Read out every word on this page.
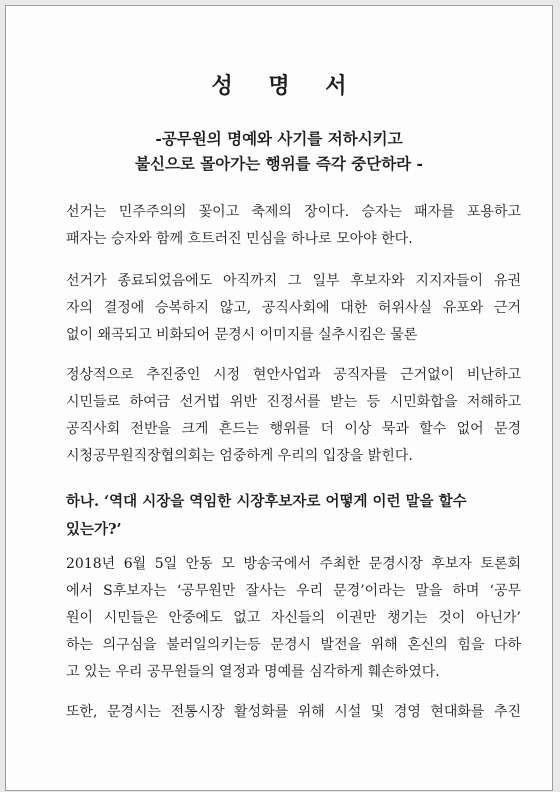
성 명 서
-공무원의 명예와 사기를 저하시키고
불신으로 몰아가는 행위를 즉각 중단하라 -
선거는 민주주의의 꽃이고 축제의 장이다. 승자는 패자를 포용하고
패자는 승자와 함께 흐트러진 민심을 하나로 모아야 한다.
선거가 종료되었음에도 아직까지 그 일부 후보자와 지지자들이 유권
자의 결정에 승복하지 않고, 공직사회에 대한 허위사실 유포와 근거
없이 왜곡되고 비화되어 문경시 이미지를 실추시킴은 물론
정상적으로 추진중인 시정 현안사업과 공직자를 근거없이 비난하고
시민들로 하여금 선거법 위반 진정서를 받는 등 시민화합을 저해하고
공직사회 전반을 크게 흔드는 행위를 더 이상 묵과 할수 없어 문경
시청공무원직장협의회는 엄중하게 우리의 입장을 밝힌다.
하나. ‘역대 시장을 역임한 시장후보자로 어떻게 이런 말을 할수
있는가?’
2018년 6월 5일 안동 모 방송국에서 주최한 문경시장 후보자 토론회
에서 S후보자는 ‘공무원만 잘사는 우리 문경’이라는 말을 하며 ‘공무
원이 시민들은 안중에도 없고 자신들의 이권만 챙기는 것이 아닌가’
하는 의구심을 불러일의키는등 문경시 발전을 위해 혼신의 힘을 다하
고 있는 우리 공무원들의 열정과 명예를 심각하게 훼손하였다.
또한, 문경시는 전통시장 활성화를 위해 시설 및 경영 현대화를 추진
